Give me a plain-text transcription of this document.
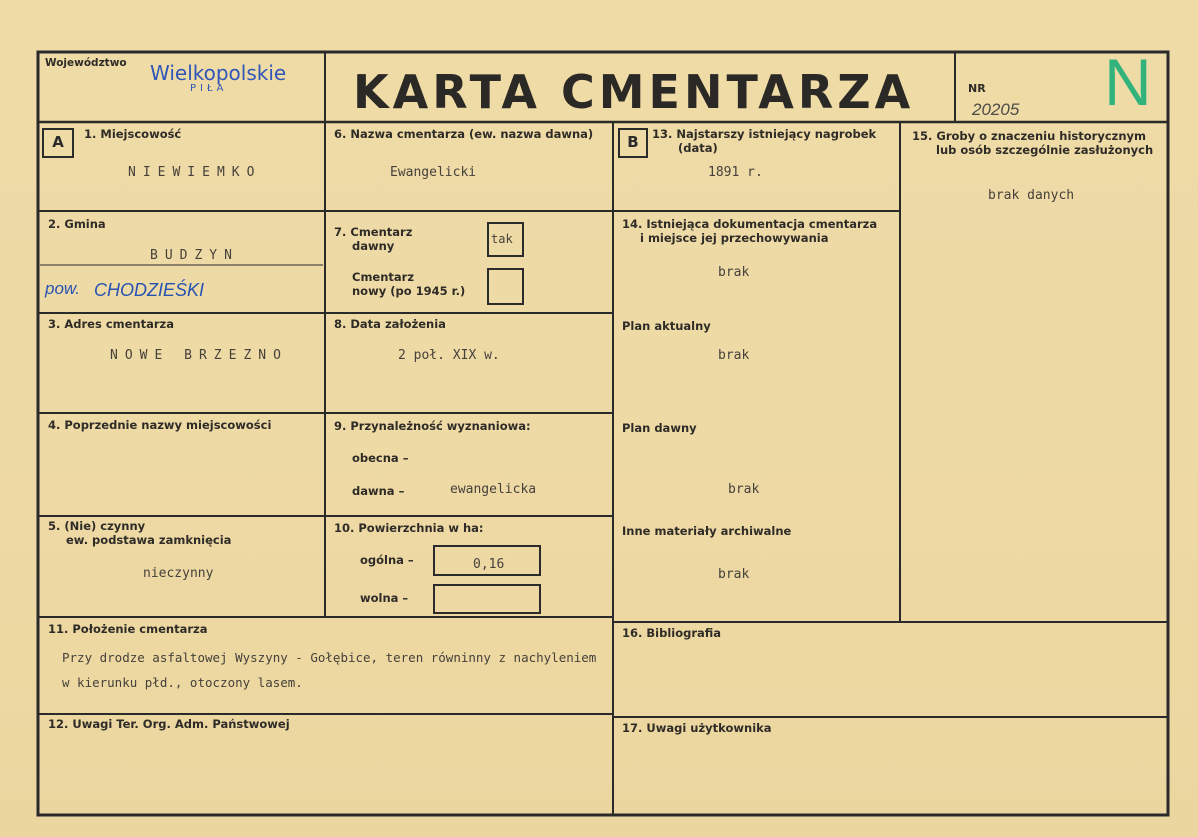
Województwo Wielkopolskie
PIŁA	KARTA CMENTARZA	NR
20205 N
A	B
1. Miejscowość
NIEWIEMKO
2. Gmina
BUDZYN
pow. CHODZIEŚKI
3. Adres cmentarza
NOWE BRZEZNO
4. Poprzednie nazwy miejscowości
5. (Nie) czynny
ew. podstawa zamknięcia
nieczynny
6. Nazwa cmentarza (ew. nazwa dawna)
Ewangelicki
7. Cmentarz
dawny	tak
Cmentarz
nowy (po 1945 r.)
8. Data założenia
2 poł. XIX w.
9. Przynależność wyznaniowa:
obecna –
dawna –	ewangelicka
10. Powierzchnia w ha:
ogólna –	0,16
wolna –
11. Położenie cmentarza
Przy drodze asfaltowej Wyszyny - Gołębice, teren równinny z nachyleniem
w kierunku płd., otoczony lasem.
12. Uwagi Ter. Org. Adm. Państwowej
13. Najstarszy istniejący nagrobek
(data)
1891 r.
14. Istniejąca dokumentacja cmentarza
i miejsce jej przechowywania
brak
Plan aktualny
brak
Plan dawny
brak
Inne materiały archiwalne
brak
15. Groby o znaczeniu historycznym
lub osób szczególnie zasłużonych
brak danych
16. Bibliografia
17. Uwagi użytkownika
